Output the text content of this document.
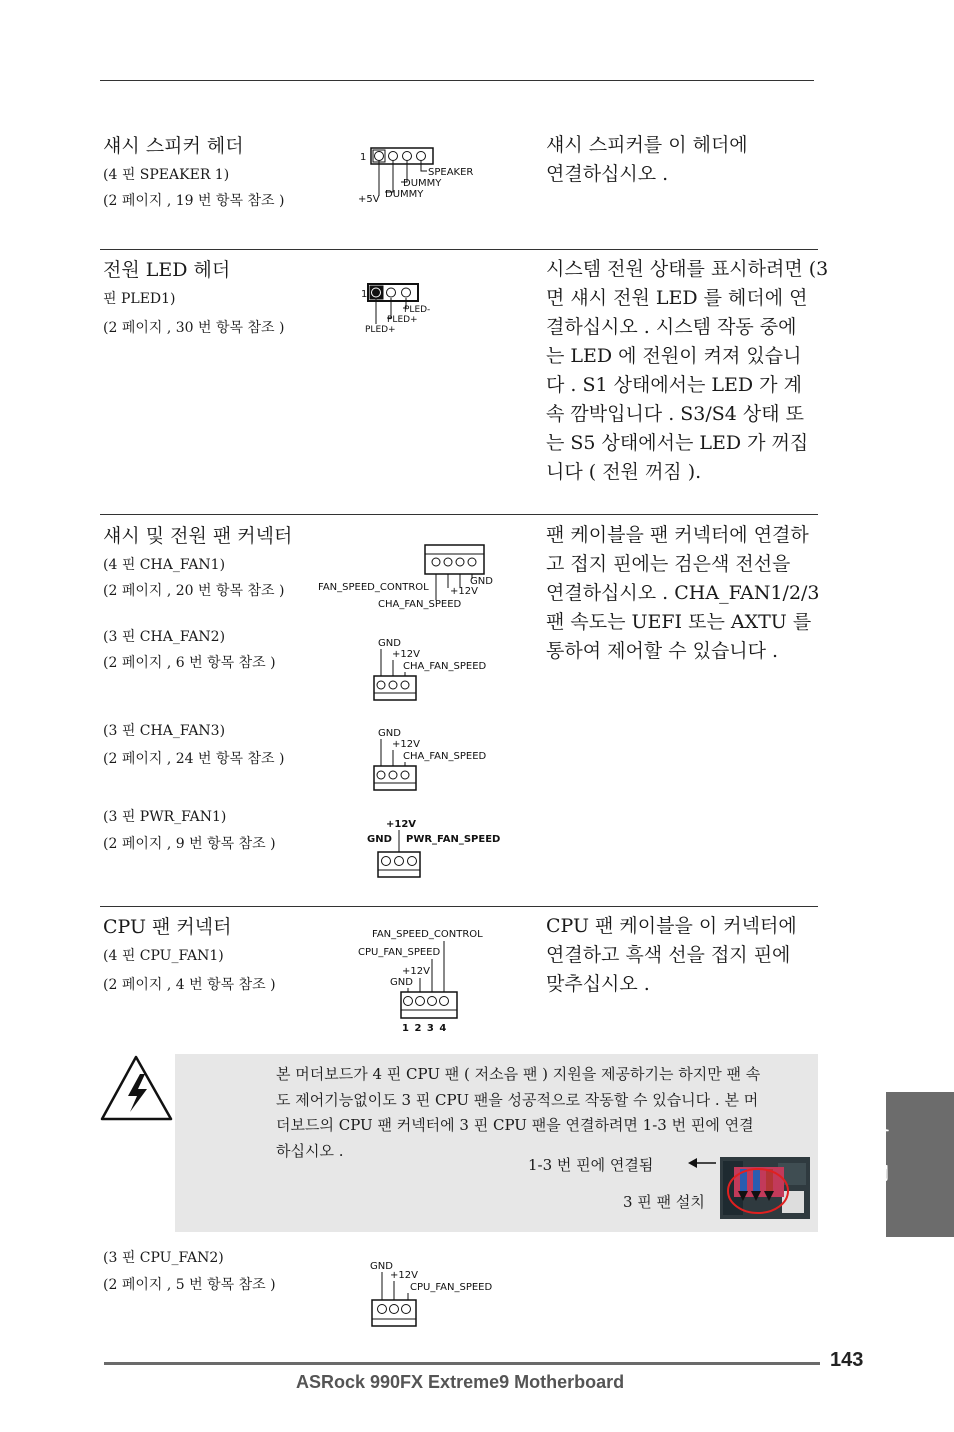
섀시 스피커 헤더
(4 핀 SPEAKER 1)
(2 페이지 , 19 번 항목 참조 )
섀시 스피커를 이 헤더에
연결하십시오 .
1
SPEAKER
DUMMY
DUMMY
+5V
전원 LED 헤더
핀 PLED1)
(2 페이지 , 30 번 항목 참조 )
시스템 전원 상태를 표시하려면 (3
면 섀시 전원 LED 를 헤더에 연
결하십시오 . 시스템 작동 중에
는 LED 에 전원이 켜져 있습니
다 . S1 상태에서는 LED 가 계
속 깜박입니다 . S3/S4 상태 또
는 S5 상태에서는 LED 가 꺼집
니다 ( 전원 꺼짐 ).
1
PLED-
PLED+
PLED+
섀시 및 전원 팬 커넥터	팬 케이블을 팬 커넥터에 연결하
고 접지 핀에는 검은색 전선을
연결하십시오 . CHA_FAN1/2/3
팬 속도는 UEFI 또는 AXTU 를
통하여 제어할 수 있습니다 .
(4 핀 CHA_FAN1)
(2 페이지 , 20 번 항목 참조 )
GND
+12V
FAN_SPEED_CONTROL
CHA_FAN_SPEED
(3 핀 CHA_FAN2)
(2 페이지 , 6 번 항목 참조 )
GND
+12V
CHA_FAN_SPEED
(3 핀 CHA_FAN3)
(2 페이지 , 24 번 항목 참조 )
GND
+12V
CHA_FAN_SPEED
(3 핀 PWR_FAN1)
(2 페이지 , 9 번 항목 참조 )
+12V
GND PWR_FAN_SPEED
CPU 팬 커넥터
(4 핀 CPU_FAN1)
(2 페이지 , 4 번 항목 참조 )
CPU 팬 케이블을 이 커넥터에
연결하고 흑색 선을 접지 핀에
맞추십시오 .
FAN_SPEED_CONTROL
CPU_FAN_SPEED
+12V
GND
1 2 3 4
본 머더보드가 4 핀 CPU 팬 ( 저소음 팬 ) 지원을 제공하기는 하지만 팬 속
도 제어기능없이도 3 핀 CPU 팬을 성공적으로 작동할 수 있습니다 . 본 머
더보드의 CPU 팬 커넥터에 3 핀 CPU 팬을 연결하려면 1-3 번 핀에 연결
하십시오 .
1-3 번 핀에 연결됨
3 핀 팬 설치
(3 핀 CPU_FAN2)
(2 페이지 , 5 번 항목 참조 )
GND
+12V
CPU_FAN_SPEED
한 국 어
143
ASRock 990FX Extreme9 Motherboard
